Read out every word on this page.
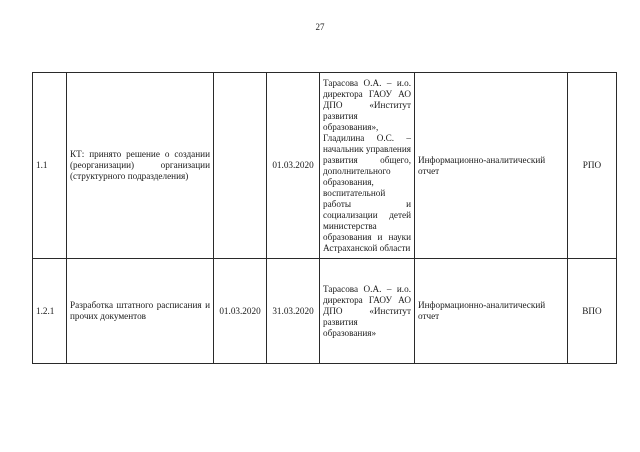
27
1.1	КТ: принято решение о создании (реорганизации) организации (структурного подразделения)		01.03.2020	Тарасова О.А. – и.о. директора ГАОУ АО ДПО «Институт развития образования», Гладилина О.С. – начальник управления развития общего, дополнительного образования, воспитательной работы и социализации детей министерства образования и науки Астраханской области	Информационно-аналитический отчет	РПО
1.2.1	Разработка штатного расписания и прочих документов	01.03.2020	31.03.2020	Тарасова О.А. – и.о. директора ГАОУ АО ДПО «Институт развития образования»	Информационно-аналитический отчет	ВПО
